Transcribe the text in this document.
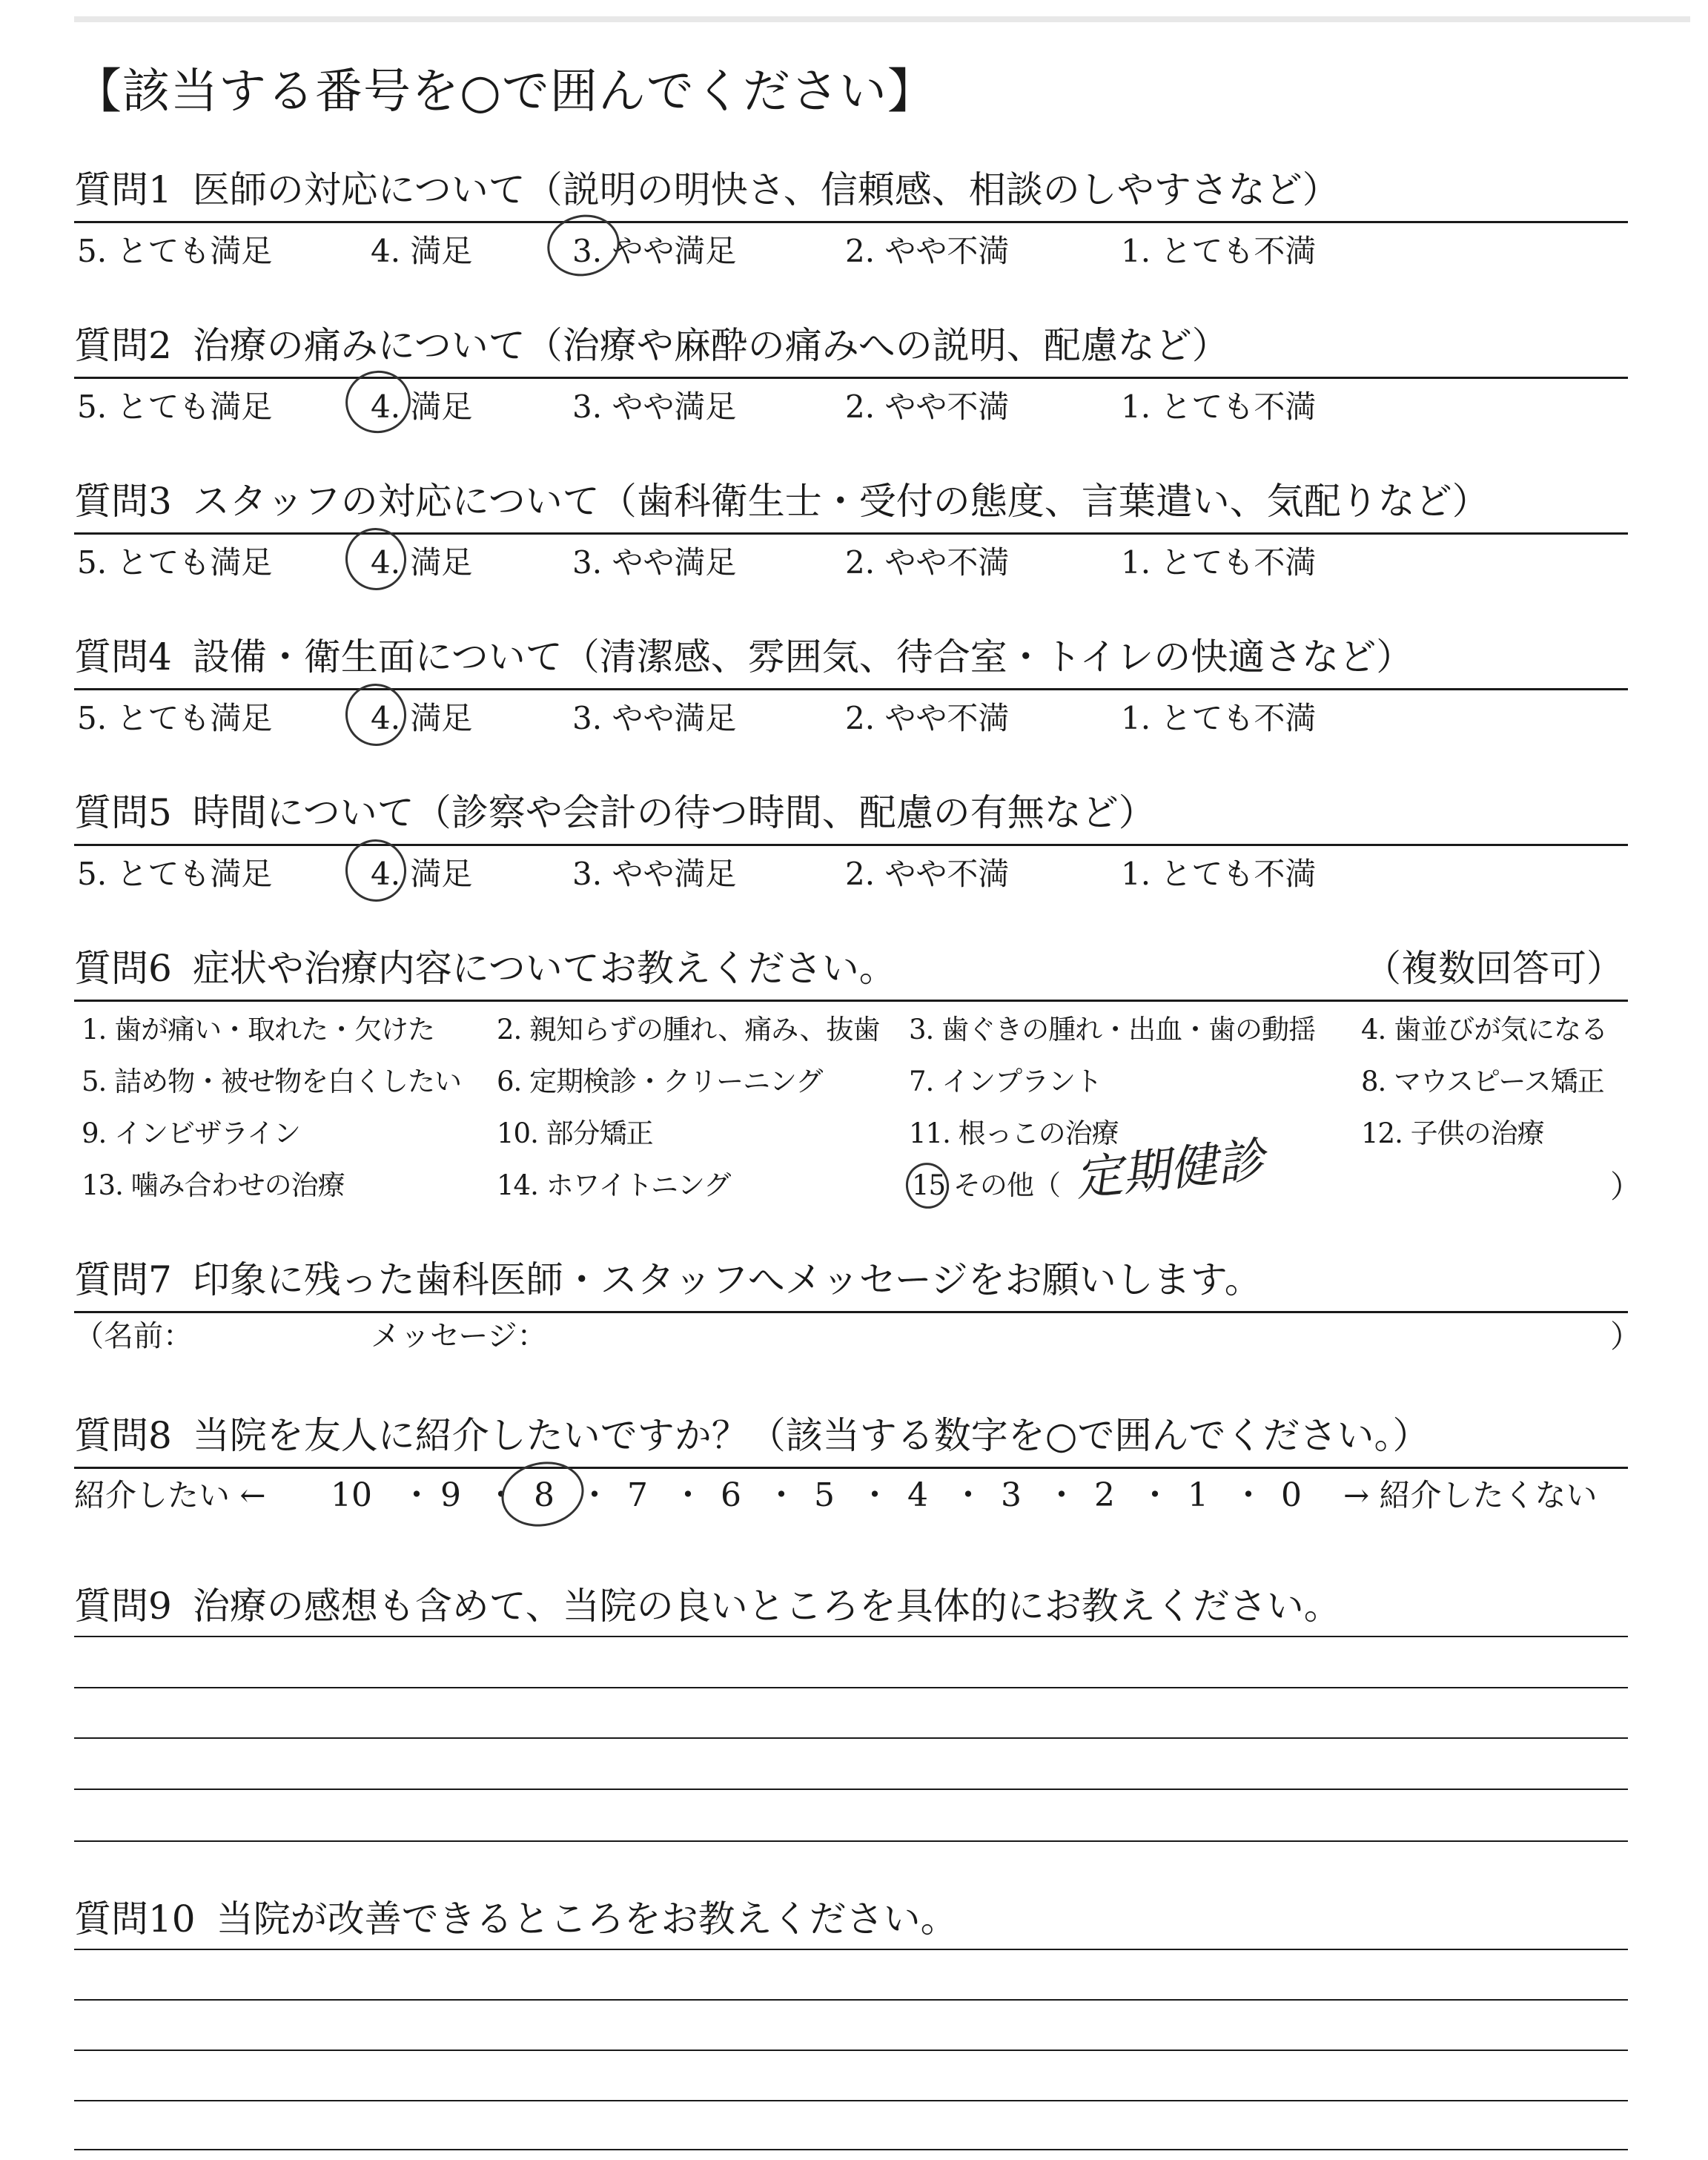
【該当する番号を○で囲んでください】
質問1 医師の対応について（説明の明快さ、信頼感、相談のしやすさなど）
5. とても満足	4. 満足	3. やや満足	2. やや不満	1. とても不満
質問2 治療の痛みについて（治療や麻酔の痛みへの説明、配慮など）
5. とても満足	4. 満足	3. やや満足	2. やや不満	1. とても不満
質問3 スタッフの対応について（歯科衛生士・受付の態度、言葉遣い、気配りなど）
5. とても満足	4. 満足	3. やや満足	2. やや不満	1. とても不満
質問4 設備・衛生面について（清潔感、雰囲気、待合室・トイレの快適さなど）
5. とても満足	4. 満足	3. やや満足	2. やや不満	1. とても不満
質問5 時間について（診察や会計の待つ時間、配慮の有無など）
5. とても満足	4. 満足	3. やや満足	2. やや不満	1. とても不満
質問6 症状や治療内容についてお教えください。	（複数回答可）
1. 歯が痛い・取れた・欠けた 2. 親知らずの腫れ、痛み、抜歯 3. 歯ぐきの腫れ・出血・歯の動揺 4. 歯並びが気になる
5. 詰め物・被せ物を白くしたい 6. 定期検診・クリーニング	7. インプラント	8. マウスピース矯正
9. インビザライン	10. 部分矯正	11. 根っこの治療	12. 子供の治療
13. 噛み合わせの治療	14. ホワイトニング	15 その他（ 定期健診	）
質問7 印象に残った歯科医師・スタッフへメッセージをお願いします。
（名前：	メッセージ：	）
質問8 当院を友人に紹介したいですか？（該当する数字を○で囲んでください。）
紹介したい ← 10 ・ 9 ・ 8 ・ 7 ・ 6 ・ 5 ・ 4 ・ 3 ・ 2 ・ 1 ・ 0 → 紹介したくない
質問9 治療の感想も含めて、当院の良いところを具体的にお教えください。
質問10 当院が改善できるところをお教えください。
